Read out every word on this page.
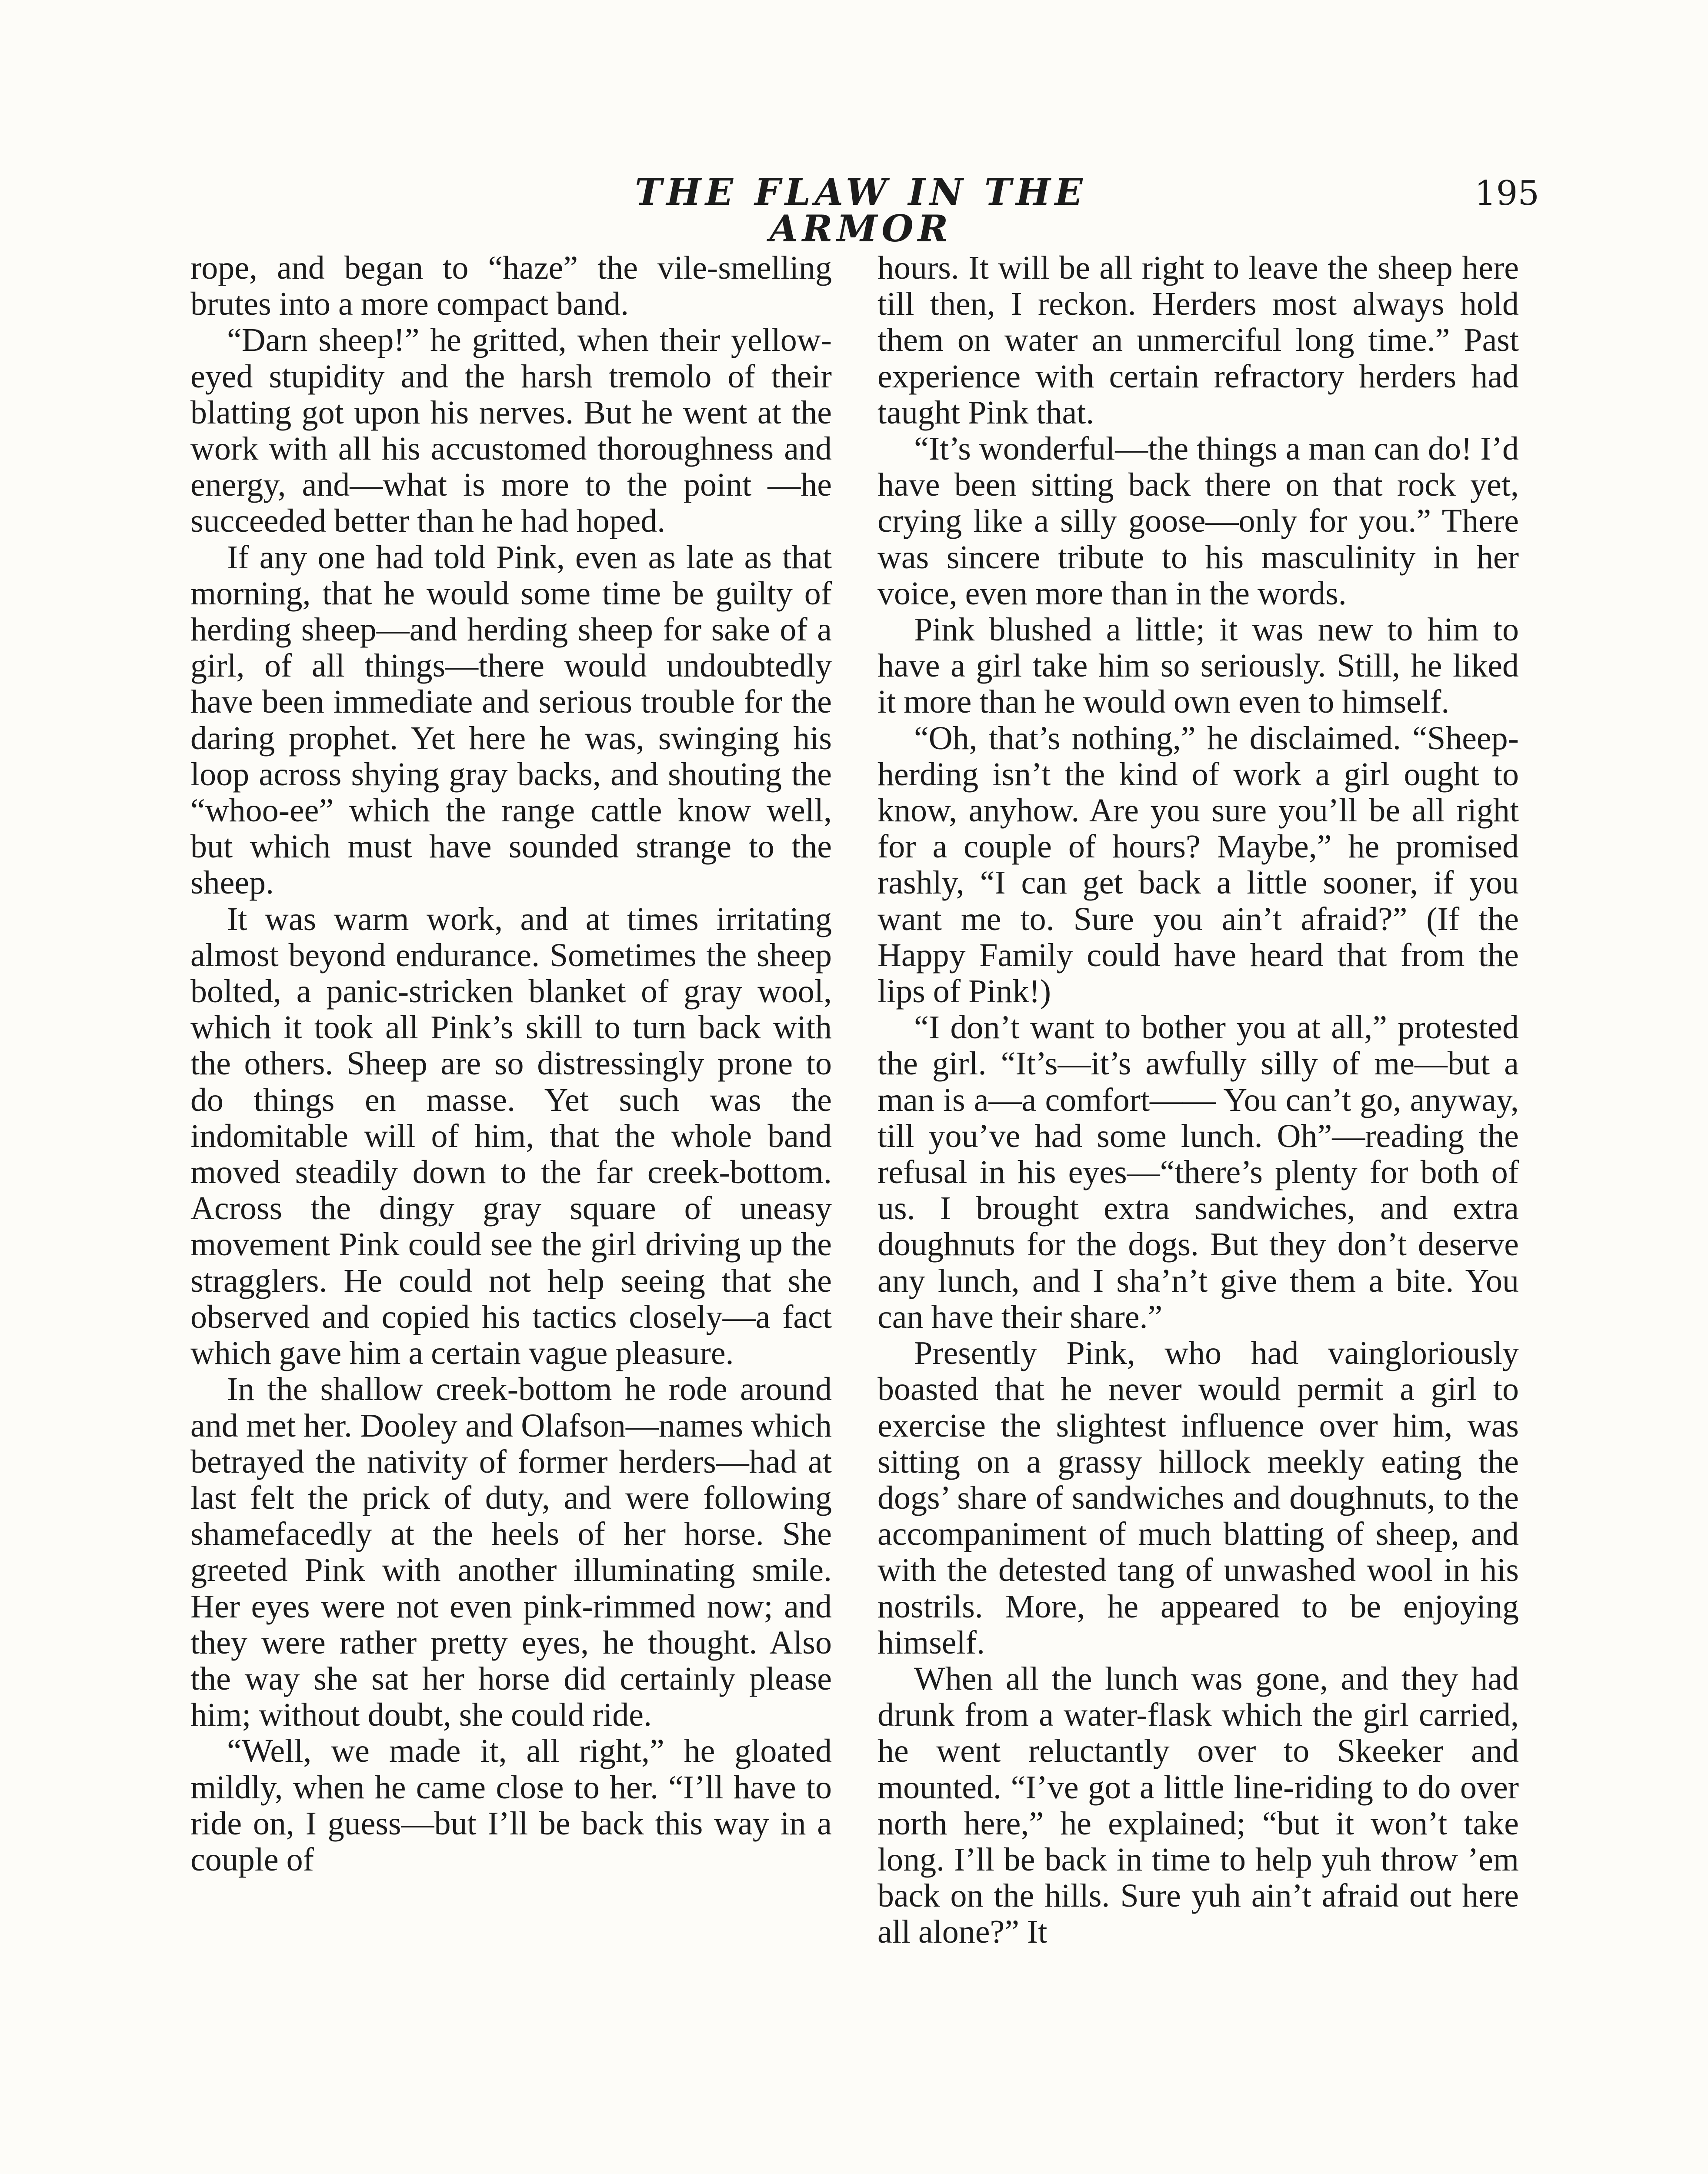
THE FLAW IN THE ARMOR
195

rope, and began to “haze” the vile-smelling brutes into a more compact band.

“Darn sheep!” he gritted, when their yellow-eyed stupidity and the harsh tremolo of their blatting got upon his nerves. But he went at the work with all his accustomed thoroughness and energy, and—what is more to the point —he succeeded better than he had hoped.

If any one had told Pink, even as late as that morning, that he would some time be guilty of herding sheep—and herding sheep for sake of a girl, of all things—there would undoubtedly have been immediate and serious trouble for the daring prophet. Yet here he was, swinging his loop across shying gray backs, and shouting the “whoo-ee” which the range cattle know well, but which must have sounded strange to the sheep.

It was warm work, and at times irritating almost beyond endurance. Sometimes the sheep bolted, a panic-stricken blanket of gray wool, which it took all Pink’s skill to turn back with the others. Sheep are so distressingly prone to do things en masse. Yet such was the indomitable will of him, that the whole band moved steadily down to the far creek-bottom. Across the dingy gray square of uneasy movement Pink could see the girl driving up the stragglers. He could not help seeing that she observed and copied his tactics closely—a fact which gave him a certain vague pleasure.

In the shallow creek-bottom he rode around and met her. Dooley and Olafson—names which betrayed the nativity of former herders—had at last felt the prick of duty, and were following shamefacedly at the heels of her horse. She greeted Pink with another illuminating smile. Her eyes were not even pink-rimmed now; and they were rather pretty eyes, he thought. Also the way she sat her horse did certainly please him; without doubt, she could ride.

“Well, we made it, all right,” he gloated mildly, when he came close to her. “I’ll have to ride on, I guess—but I’ll be back this way in a couple of

hours. It will be all right to leave the sheep here till then, I reckon. Herders most always hold them on water an unmerciful long time.” Past experience with certain refractory herders had taught Pink that.

“It’s wonderful—the things a man can do! I’d have been sitting back there on that rock yet, crying like a silly goose—only for you.” There was sincere tribute to his masculinity in her voice, even more than in the words.

Pink blushed a little; it was new to him to have a girl take him so seriously. Still, he liked it more than he would own even to himself.

“Oh, that’s nothing,” he disclaimed. “Sheep-herding isn’t the kind of work a girl ought to know, anyhow. Are you sure you’ll be all right for a couple of hours? Maybe,” he promised rashly, “I can get back a little sooner, if you want me to. Sure you ain’t afraid?” (If the Happy Family could have heard that from the lips of Pink!)

“I don’t want to bother you at all,” protested the girl. “It’s—it’s awfully silly of me—but a man is a—a comfort—— You can’t go, anyway, till you’ve had some lunch. Oh”—reading the refusal in his eyes—“there’s plenty for both of us. I brought extra sandwiches, and extra doughnuts for the dogs. But they don’t deserve any lunch, and I sha’n’t give them a bite. You can have their share.”

Presently Pink, who had vaingloriously boasted that he never would permit a girl to exercise the slightest influence over him, was sitting on a grassy hillock meekly eating the dogs’ share of sandwiches and doughnuts, to the accompaniment of much blatting of sheep, and with the detested tang of unwashed wool in his nostrils. More, he appeared to be enjoying himself.

When all the lunch was gone, and they had drunk from a water-flask which the girl carried, he went reluctantly over to Skeeker and mounted. “I’ve got a little line-riding to do over north here,” he explained; “but it won’t take long. I’ll be back in time to help yuh throw ’em back on the hills. Sure yuh ain’t afraid out here all alone?” It
